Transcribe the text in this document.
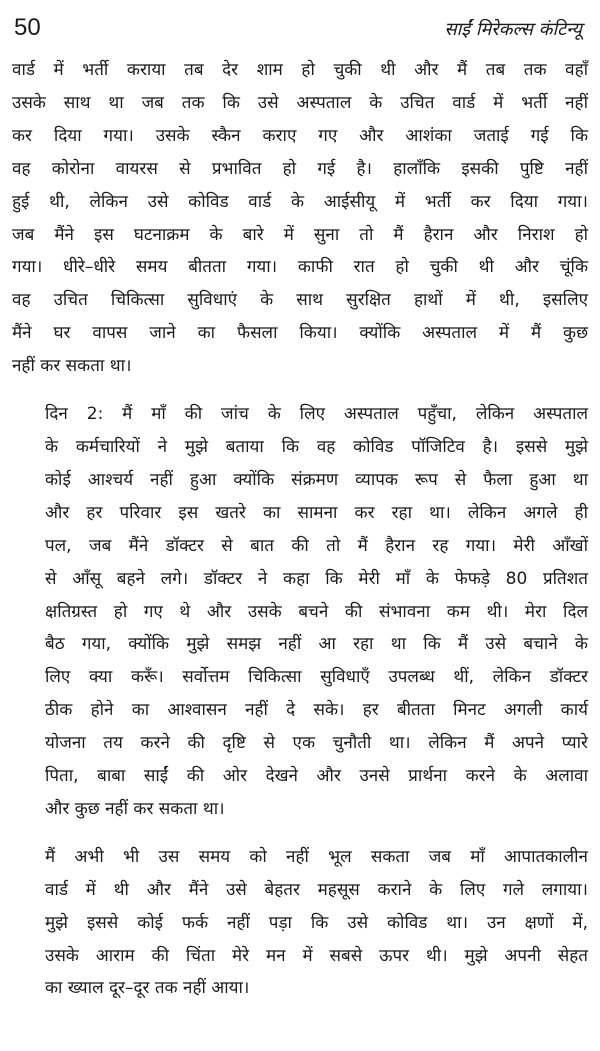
50	साईं मिरेकल्स कंटिन्यू
वार्ड में भर्ती कराया तब देर शाम हो चुकी थी और मैं तब तक वहाँ
उसके साथ था जब तक कि उसे अस्पताल के उचित वार्ड में भर्ती नहीं
कर दिया गया। उसके स्कैन कराए गए और आशंका जताई गई कि
वह कोरोना वायरस से प्रभावित हो गई है। हालाँकि इसकी पुष्टि नहीं
हुई थी, लेकिन उसे कोविड वार्ड के आईसीयू में भर्ती कर दिया गया।
जब मैंने इस घटनाक्रम के बारे में सुना तो मैं हैरान और निराश हो
गया। धीरे–धीरे समय बीतता गया। काफी रात हो चुकी थी और चूंकि
वह उचित चिकित्सा सुविधाएं के साथ सुरक्षित हाथों में थी, इसलिए
मैंने घर वापस जाने का फैसला किया। क्योंकि अस्पताल में मैं कुछ
नहीं कर सकता था।
दिन 2: मैं माँ की जांच के लिए अस्पताल पहुँचा, लेकिन अस्पताल
के कर्मचारियों ने मुझे बताया कि वह कोविड पॉजिटिव है। इससे मुझे
कोई आश्चर्य नहीं हुआ क्योंकि संक्रमण व्यापक रूप से फैला हुआ था
और हर परिवार इस खतरे का सामना कर रहा था। लेकिन अगले ही
पल, जब मैंने डॉक्टर से बात की तो मैं हैरान रह गया। मेरी आँखों
से आँसू बहने लगे। डॉक्टर ने कहा कि मेरी माँ के फेफड़े 80 प्रतिशत
क्षतिग्रस्त हो गए थे और उसके बचने की संभावना कम थी। मेरा दिल
बैठ गया, क्योंकि मुझे समझ नहीं आ रहा था कि मैं उसे बचाने के
लिए क्या करूँ। सर्वोत्तम चिकित्सा सुविधाएँ उपलब्ध थीं, लेकिन डॉक्टर
ठीक होने का आश्वासन नहीं दे सके। हर बीतता मिनट अगली कार्य
योजना तय करने की दृष्टि से एक चुनौती था। लेकिन मैं अपने प्यारे
पिता, बाबा साईं की ओर देखने और उनसे प्रार्थना करने के अलावा
और कुछ नहीं कर सकता था।
मैं अभी भी उस समय को नहीं भूल सकता जब माँ आपातकालीन
वार्ड में थी और मैंने उसे बेहतर महसूस कराने के लिए गले लगाया।
मुझे इससे कोई फर्क नहीं पड़ा कि उसे कोविड था। उन क्षणों में,
उसके आराम की चिंता मेरे मन में सबसे ऊपर थी। मुझे अपनी सेहत
का ख्याल दूर–दूर तक नहीं आया।
